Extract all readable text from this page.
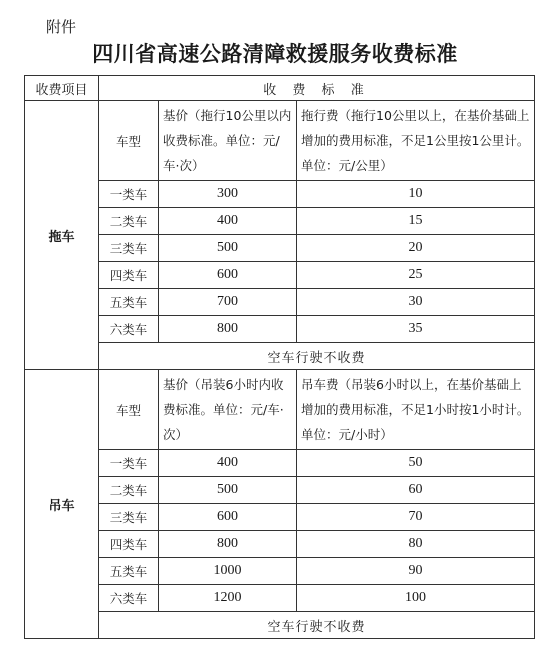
附件
四川省高速公路清障救援服务收费标准
收费项目	收 费 标 准		
拖车	车型	基价（拖行10公里以内收费标准。单位：元/车·次）	拖行费（拖行10公里以上，在基价基础上增加的费用标准，不足1公里按1公里计。单位：元/公里）
	一类车	300	10
	二类车	400	15
	三类车	500	20
	四类车	600	25
	五类车	700	30
	六类车	800	35
	空车行驶不收费		
吊车	车型	基价（吊装6小时内收费标准。单位：元/车·次）	吊车费（吊装6小时以上，在基价基础上增加的费用标准，不足1小时按1小时计。单位：元/小时）
	一类车	400	50
	二类车	500	60
	三类车	600	70
	四类车	800	80
	五类车	1000	90
	六类车	1200	100
	空车行驶不收费		
